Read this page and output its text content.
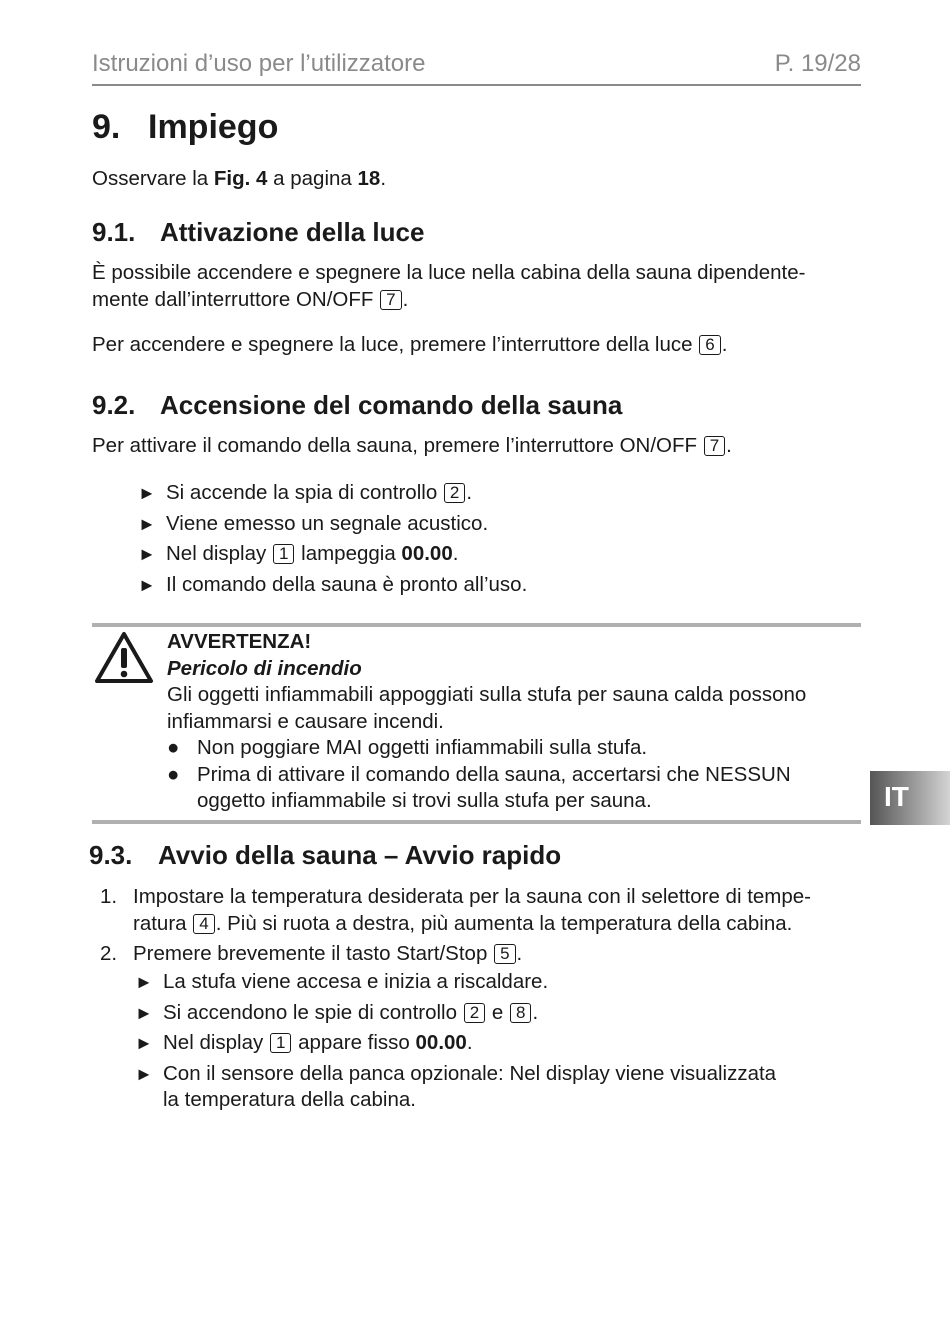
Istruzioni d’uso per l’utilizzatore	P. 19/28
9. Impiego
Osservare la Fig. 4 a pagina 18.
9.1. Attivazione della luce
È possibile accendere e spegnere la luce nella cabina della sauna dipendente-
mente dall’interruttore ON/OFF 7 .
Per accendere e spegnere la luce, premere l’interruttore della luce 6 .
9.2. Accensione del comando della sauna
Per attivare il comando della sauna, premere l’interruttore ON/OFF 7 .
► Si accende la spia di controllo 2 .
► Viene emesso un segnale acustico.
► Nel display 1 lampeggia 00.00.
► Il comando della sauna è pronto all’uso.
AVVERTENZA!
Pericolo di incendio
Gli oggetti infiammabili appoggiati sulla stufa per sauna calda possono
infiammarsi e causare incendi.
● Non poggiare MAI oggetti infiammabili sulla stufa.
● Prima di attivare il comando della sauna, accertarsi che NESSUN
oggetto infiammabile si trovi sulla stufa per sauna.	IT
9.3. Avvio della sauna – Avvio rapido
1. Impostare la temperatura desiderata per la sauna con il selettore di tempe-
ratura 4 . Più si ruota a destra, più aumenta la temperatura della cabina.
2. Premere brevemente il tasto Start/Stop 5 .
► La stufa viene accesa e inizia a riscaldare.
► Si accendono le spie di controllo 2 e 8 .
► Nel display 1 appare fisso 00.00.
► Con il sensore della panca opzionale: Nel display viene visualizzata
la temperatura della cabina.
